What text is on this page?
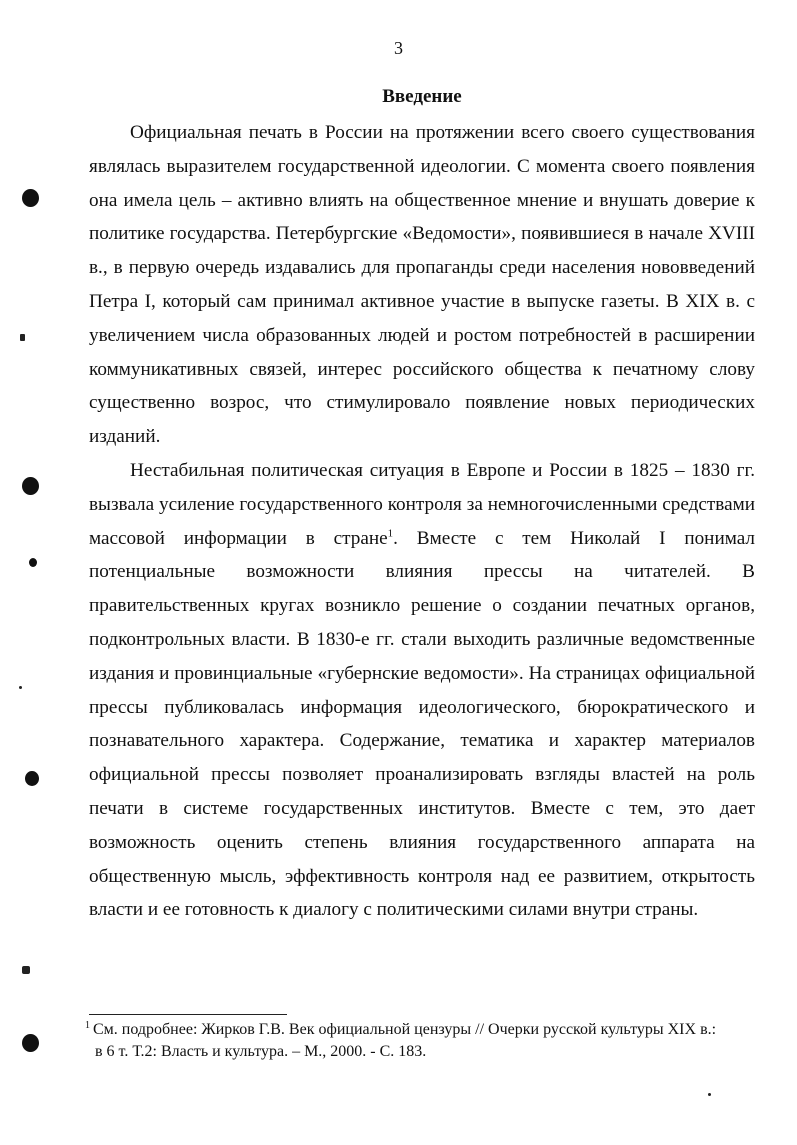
3
Введение

Официальная печать в России на протяжении всего своего существования являлась выразителем государственной идеологии. С момента своего появления она имела цель – активно влиять на общественное мнение и внушать доверие к политике государства. Петербургские «Ведомости», появившиеся в начале XVIII в., в первую очередь издавались для пропаганды среди населения нововведений Петра I, который сам принимал активное участие в выпуске газеты. В XIX в. с увеличением числа образованных людей и ростом потребностей в расширении коммуникативных связей, интерес российского общества к печатному слову существенно возрос, что стимулировало появление новых периодических изданий.

Нестабильная политическая ситуация в Европе и России в 1825 – 1830 гг. вызвала усиление государственного контроля за немногочисленными средствами массовой информации в стране$^1$. Вместе с тем Николай I понимал потенциальные возможности влияния прессы на читателей. В правительственных кругах возникло решение о создании печатных органов, подконтрольных власти. В 1830-е гг. стали выходить различные ведомственные издания и провинциальные «губернские ведомости». На страницах официальной прессы публиковалась информация идеологического, бюрократического и познавательного характера. Содержание, тематика и характер материалов официальной прессы позволяет проанализировать взгляды властей на роль печати в системе государственных институтов. Вместе с тем, это дает возможность оценить степень влияния государственного аппарата на общественную мысль, эффективность контроля над ее развитием, открытость власти и ее готовность к диалогу с политическими силами внутри страны.

$^1$ См. подробнее: Жирков Г.В. Век официальной цензуры // Очерки русской культуры XIX в.:
в 6 т. Т.2: Власть и культура. – М., 2000. - С. 183.
